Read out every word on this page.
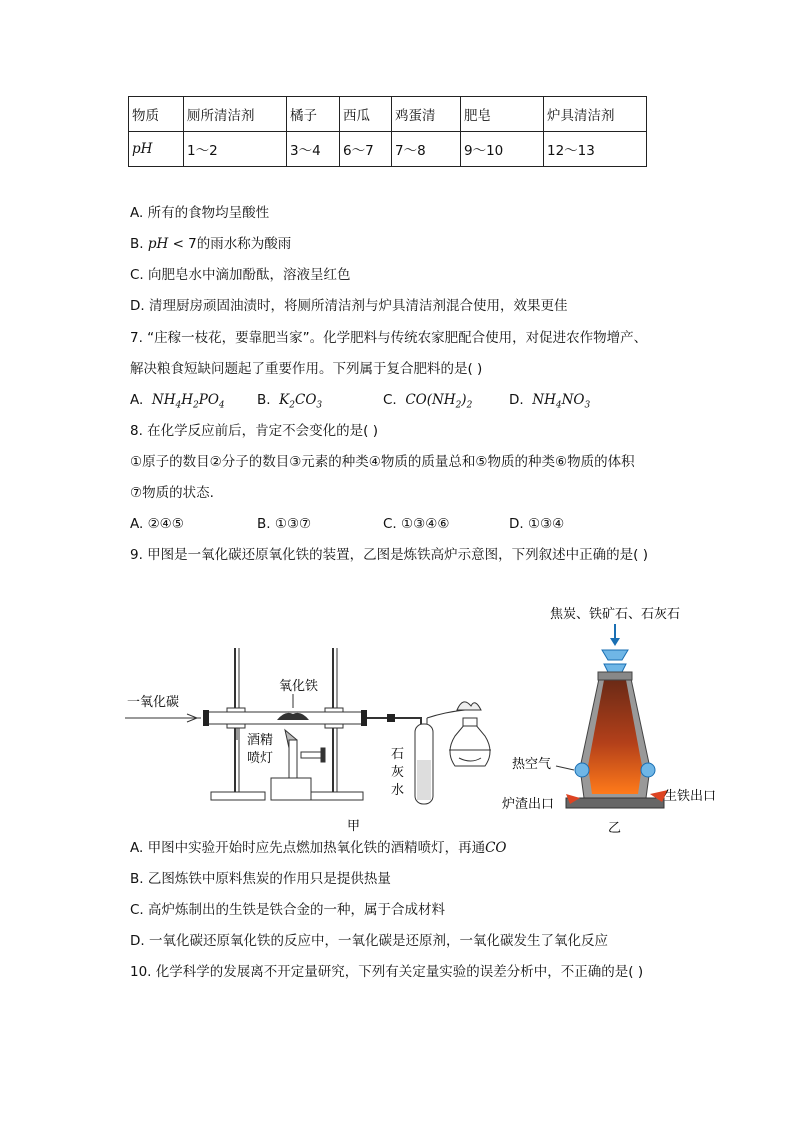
物质	厕所清洁剂	橘子	西瓜	鸡蛋清	肥皂	炉具清洁剂
pH	1～2	3～4	6～7	7～8	9～10	12～13
A. 所有的食物均呈酸性
B. pH < 7的雨水称为酸雨
C. 向肥皂水中滴加酚酞，溶液呈红色
D. 清理厨房顽固油渍时，将厕所清洁剂与炉具清洁剂混合使用，效果更佳
7. “庄稼一枝花，要靠肥当家”。化学肥料与传统农家肥配合使用，对促进农作物增产、
解决粮食短缺问题起了重要作用。下列属于复合肥料的是( )
A. $NH_4H_2PO_4$ B. $K_2CO_3$	C. $CO(NH_2)_2$	D. $NH_4NO_3$
8. 在化学反应前后，肯定不会变化的是( )
①原子的数目②分子的数目③元素的种类④物质的质量总和⑤物质的种类⑥物质的体积
⑦物质的状态.
A. ②④⑤	B. ①③⑦	C. ①③④⑥	D. ①③④
9. 甲图是一氧化碳还原氧化铁的装置，乙图是炼铁高炉示意图，下列叙述中正确的是( )
一氧化碳
氧化铁
酒精
喷灯	石
灰
水
甲
焦炭、铁矿石、石灰石
热空气
炉渣出口
生铁出口
乙
A. 甲图中实验开始时应先点燃加热氧化铁的酒精喷灯，再通CO
B. 乙图炼铁中原料焦炭的作用只是提供热量
C. 高炉炼制出的生铁是铁合金的一种，属于合成材料
D. 一氧化碳还原氧化铁的反应中，一氧化碳是还原剂，一氧化碳发生了氧化反应
10. 化学科学的发展离不开定量研究，下列有关定量实验的误差分析中，不正确的是( )
